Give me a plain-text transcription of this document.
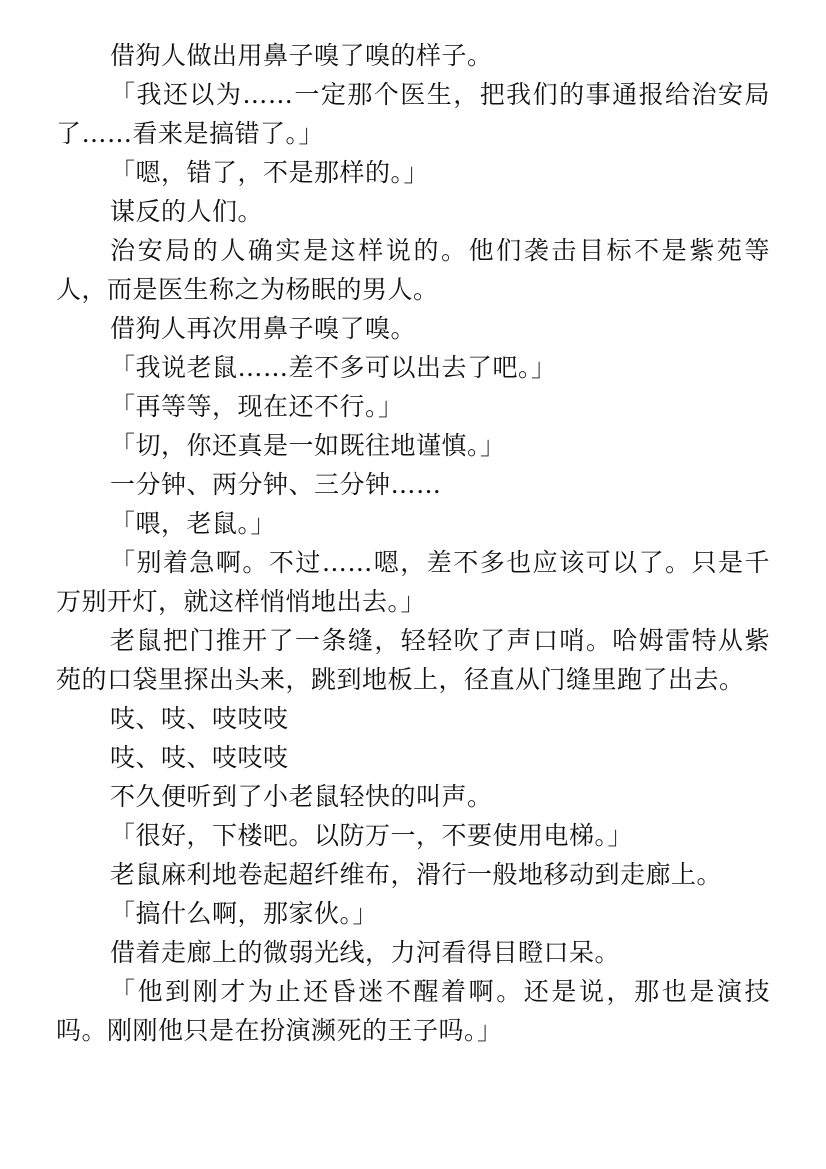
借狗人做出用鼻子嗅了嗅的样子。

「我还以为……一定那个医生，把我们的事通报给治安局了……看来是搞错了。」

「嗯，错了，不是那样的。」

谋反的人们。

治安局的人确实是这样说的。他们袭击目标不是紫苑等人，而是医生称之为杨眠的男人。

借狗人再次用鼻子嗅了嗅。

「我说老鼠……差不多可以出去了吧。」

「再等等，现在还不行。」

「切，你还真是一如既往地谨慎。」

一分钟、两分钟、三分钟……

「喂，老鼠。」

「别着急啊。不过……嗯，差不多也应该可以了。只是千万别开灯，就这样悄悄地出去。」

老鼠把门推开了一条缝，轻轻吹了声口哨。哈姆雷特从紫苑的口袋里探出头来，跳到地板上，径直从门缝里跑了出去。

吱、吱、吱吱吱

吱、吱、吱吱吱

不久便听到了小老鼠轻快的叫声。

「很好，下楼吧。以防万一，不要使用电梯。」

老鼠麻利地卷起超纤维布，滑行一般地移动到走廊上。

「搞什么啊，那家伙。」

借着走廊上的微弱光线，力河看得目瞪口呆。

「他到刚才为止还昏迷不醒着啊。还是说，那也是演技吗。刚刚他只是在扮演濒死的王子吗。」
